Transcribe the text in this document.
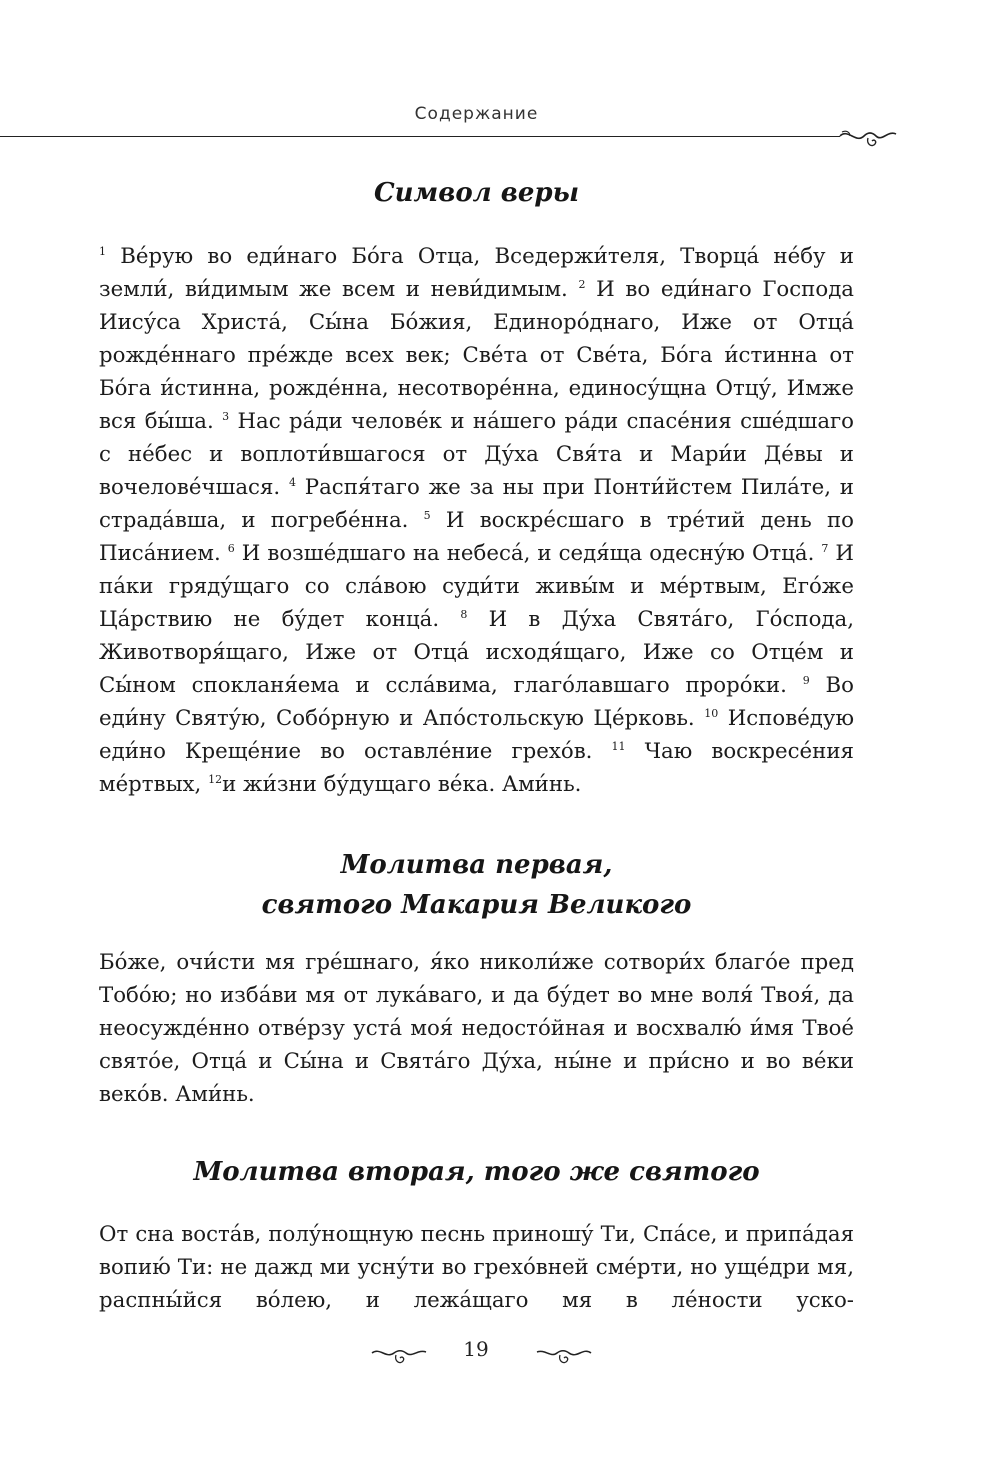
Содержание
Символ веры

$^1$ Ве́рую во еди́наго Бо́га Отца, Вседержи́теля, Творца́ не́бу и земли́, ви́димым же всем и неви́димым. $^2$ И во еди́наго Господа Иису́са Христа́, Сы́на Бо́жия, Единоро́днаго, Иже от Отца́ рожде́ннаго пре́жде всех век; Све́та от Све́та, Бо́га и́стинна от Бо́га и́стинна, рожде́нна, несотворе́нна, единосу́щна Отцу́, Имже вся бы́ша. $^3$ Нас ра́ди челове́к и на́шего ра́ди спасе́ния сше́дшаго с не́бес и воплоти́вшагося от Ду́ха Свя́та и Мари́и Де́вы и вочелове́чшася. $^4$ Распя́таго же за ны при Понти́йстем Пила́те, и страда́вша, и погребе́нна. $^5$ И воскре́сшаго в тре́тий день по Писа́нием. $^6$ И возше́дшаго на небеса́, и седя́ща одесну́ю Отца́. $^7$ И па́ки гряду́щаго со сла́вою суди́ти живы́м и ме́ртвым, Его́же Ца́рствию не бу́дет конца́. $^8$ И в Ду́ха Свята́го, Го́спода, Животворя́щаго, Иже от Отца́ исходя́щаго, Иже со Отце́м и Сы́ном спокланя́ема и ссла́вима, глаго́лавшаго проро́ки. $^9$ Во еди́ну Святу́ю, Собо́рную и Апо́стольскую Це́рковь. $^{10}$ Испове́дую еди́но Креще́ние во оставле́ние грехо́в. $^{11}$ Чаю воскресе́ния ме́ртвых, $^{12}$и жи́зни бу́дущаго ве́ка. Ами́нь.

Молитва первая,
святого Макария Великого

Бо́же, очи́сти мя гре́шнаго, я́ко николи́же сотвори́х благо́е пред Тобо́ю; но изба́ви мя от лука́ваго, и да бу́дет во мне воля́ Твоя́, да неосужде́нно отве́рзу уста́ моя́ недосто́йная и восхвалю́ и́мя Твое́ свято́е, Отца́ и Сы́на и Свята́го Ду́ха, ны́не и при́сно и во ве́ки веко́в. Ами́нь.

Молитва вторая, того же святого

От сна воста́в, полу́нощную песнь приношу́ Ти, Спа́се, и припа́дая вопию́ Ти: не дажд ми усну́ти во грехо́вней сме́рти, но уще́дри мя, распны́йся во́лею, и лежа́щаго мя в ле́ности уско-

19
